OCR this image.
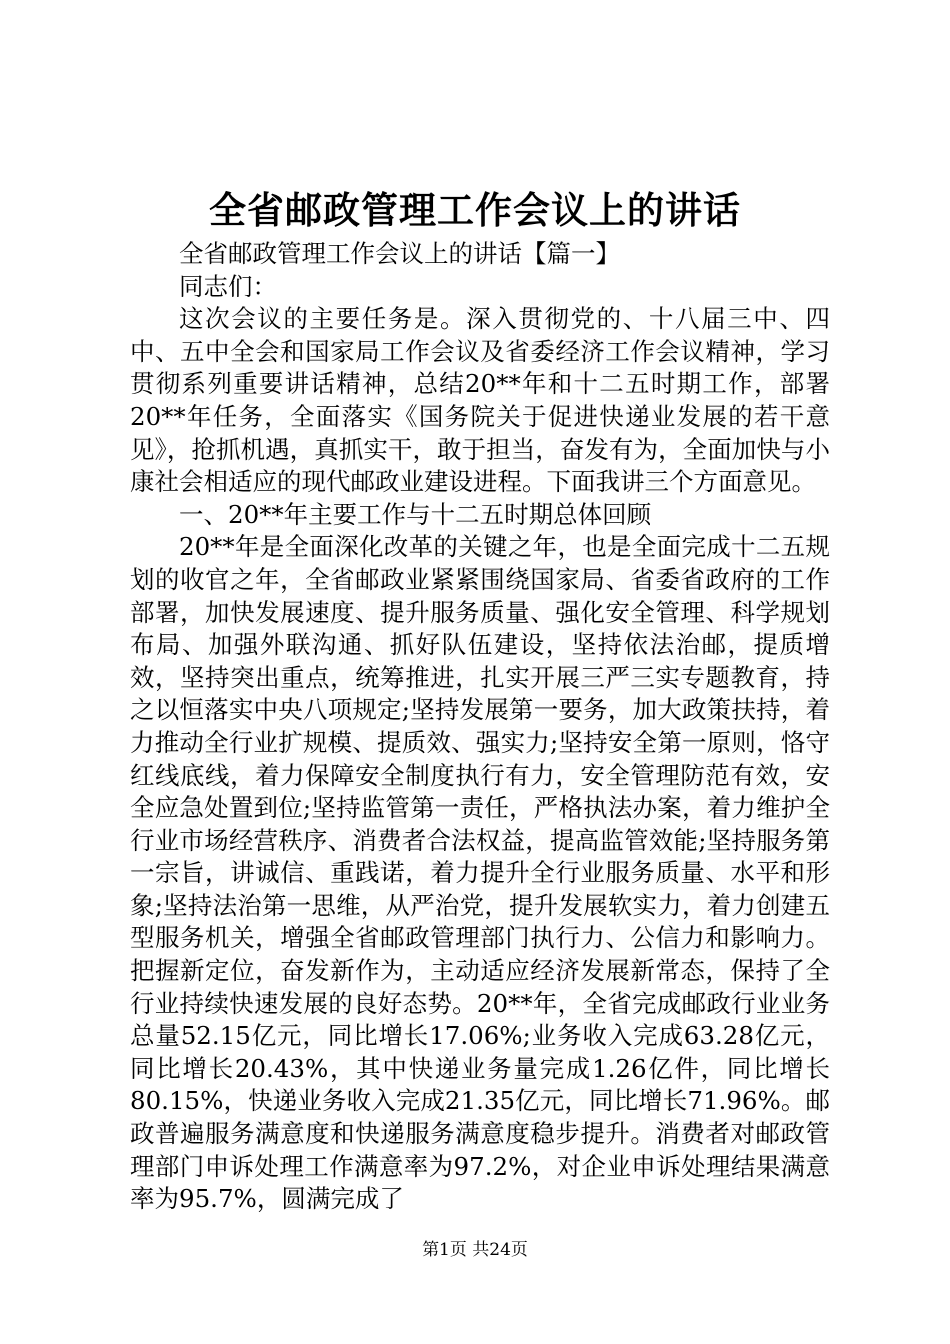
全省邮政管理工作会议上的讲话

全省邮政管理工作会议上的讲话【篇一】

同志们：

这次会议的主要任务是。深入贯彻党的、十八届三中、四中、五中全会和国家局工作会议及省委经济工作会议精神，学习贯彻系列重要讲话精神，总结20**年和十二五时期工作，部署20**年任务，全面落实《国务院关于促进快递业发展的若干意见》，抢抓机遇，真抓实干，敢于担当，奋发有为，全面加快与小康社会相适应的现代邮政业建设进程。下面我讲三个方面意见。

一、20**年主要工作与十二五时期总体回顾

20**年是全面深化改革的关键之年，也是全面完成十二五规划的收官之年，全省邮政业紧紧围绕国家局、省委省政府的工作部署，加快发展速度、提升服务质量、强化安全管理、科学规划布局、加强外联沟通、抓好队伍建设，坚持依法治邮，提质增效，坚持突出重点，统筹推进，扎实开展三严三实专题教育，持之以恒落实中央八项规定;坚持发展第一要务，加大政策扶持，着力推动全行业扩规模、提质效、强实力;坚持安全第一原则，恪守红线底线，着力保障安全制度执行有力，安全管理防范有效，安全应急处置到位;坚持监管第一责任，严格执法办案，着力维护全行业市场经营秩序、消费者合法权益，提高监管效能;坚持服务第一宗旨，讲诚信、重践诺，着力提升全行业服务质量、水平和形象;坚持法治第一思维，从严治党，提升发展软实力，着力创建五型服务机关，增强全省邮政管理部门执行力、公信力和影响力。把握新定位，奋发新作为，主动适应经济发展新常态，保持了全行业持续快速发展的良好态势。20**年，全省完成邮政行业业务总量52.15亿元，同比增长17.06%;业务收入完成63.28亿元，同比增长20.43%，其中快递业务量完成1.26亿件，同比增长80.15%，快递业务收入完成21.35亿元，同比增长71.96%。邮政普遍服务满意度和快递服务满意度稳步提升。消费者对邮政管理部门申诉处理工作满意率为97.2%，对企业申诉处理结果满意率为95.7%，圆满完成了

第1页 共24页
